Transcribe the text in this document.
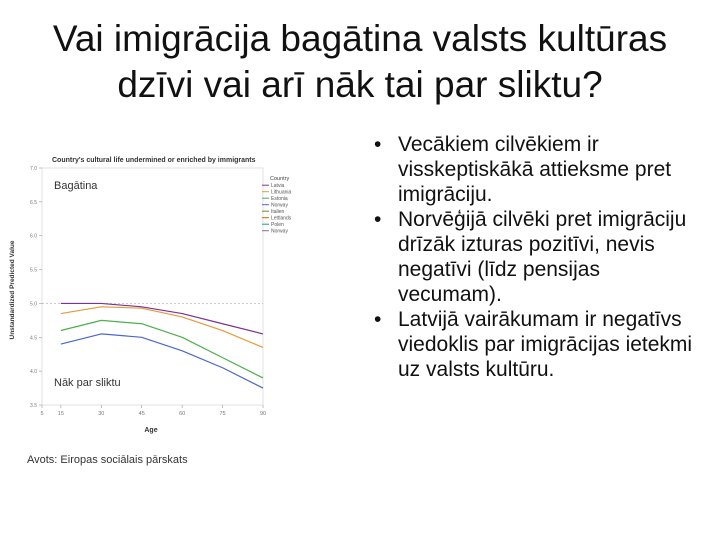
Vai imigrācija bagātina valsts kultūras
dzīvi vai arī nāk tai par sliktu?
Country's cultural life undermined or enriched by immigrants
Unstandardized Predicted Value
Age
Country
3.5
4.0
4.5
5.0
5.5
6.0
6.5
7.0
5	15	30	45	60	75	90
Latvia
Lithuania
Estonia
Norway
Italien
Lettlands
Polen
Norway
Bagātina
Nāk par sliktu
• Vecākiem cilvēkiem ir visskeptiskākā attieksme pret imigrāciju.
• Norvēģijā cilvēki pret imigrāciju drīzāk izturas pozitīvi, nevis negatīvi (līdz pensijas vecumam).
• Latvijā vairākumam ir negatīvs viedoklis par imigrācijas ietekmi uz valsts kultūru.
Avots: Eiropas sociālais pārskats
